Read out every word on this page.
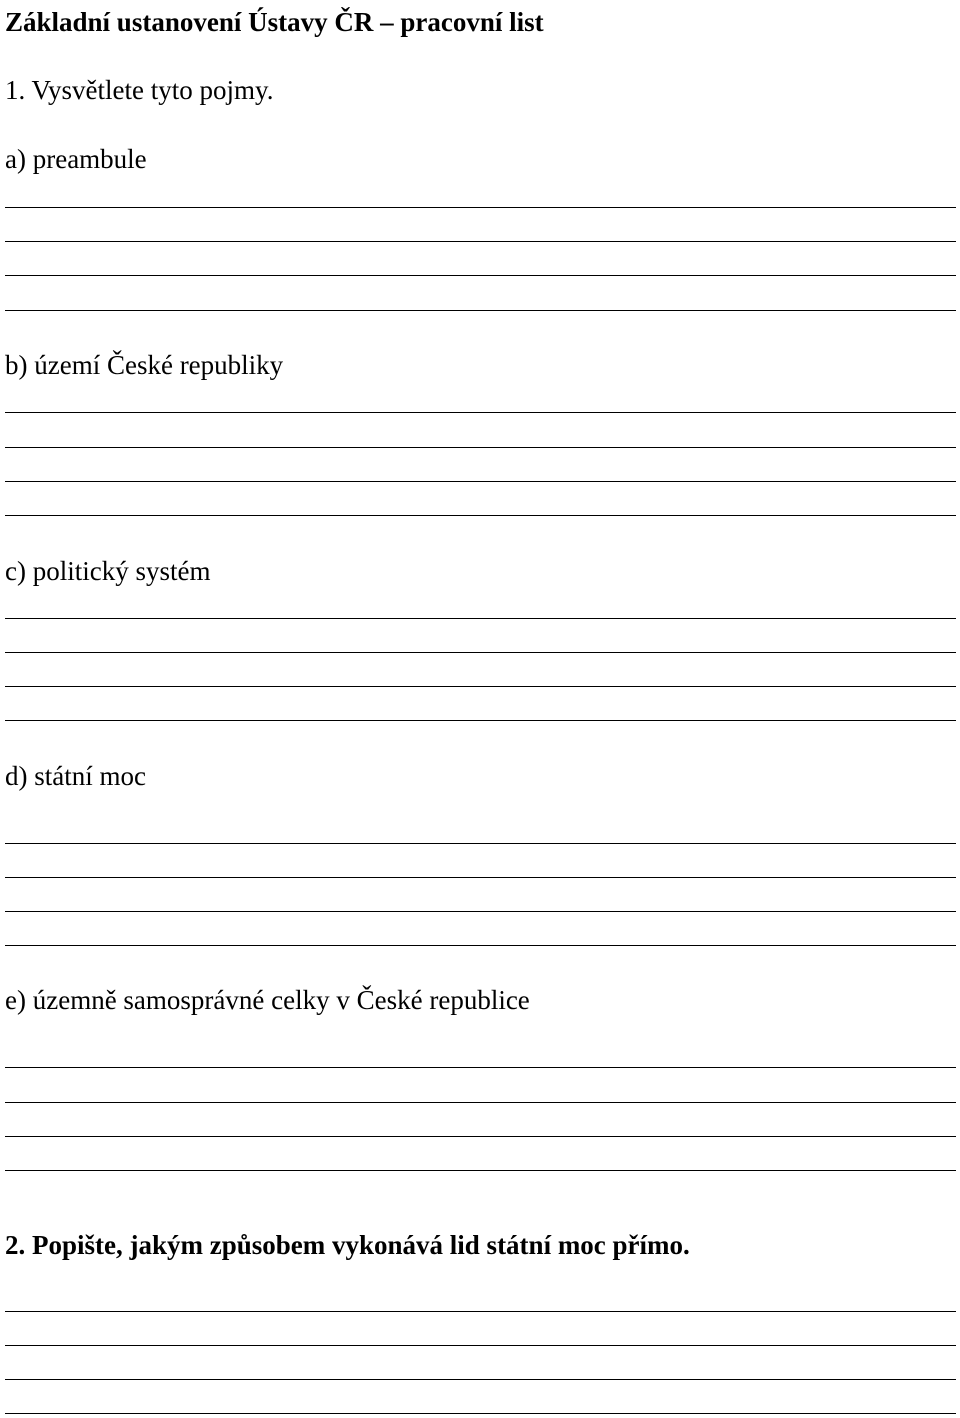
Základní ustanovení Ústavy ČR – pracovní list
1. Vysvětlete tyto pojmy.
a) preambule
b) území České republiky
c) politický systém
d) státní moc
e) územně samosprávné celky v České republice
2. Popište, jakým způsobem vykonává lid státní moc přímo.
